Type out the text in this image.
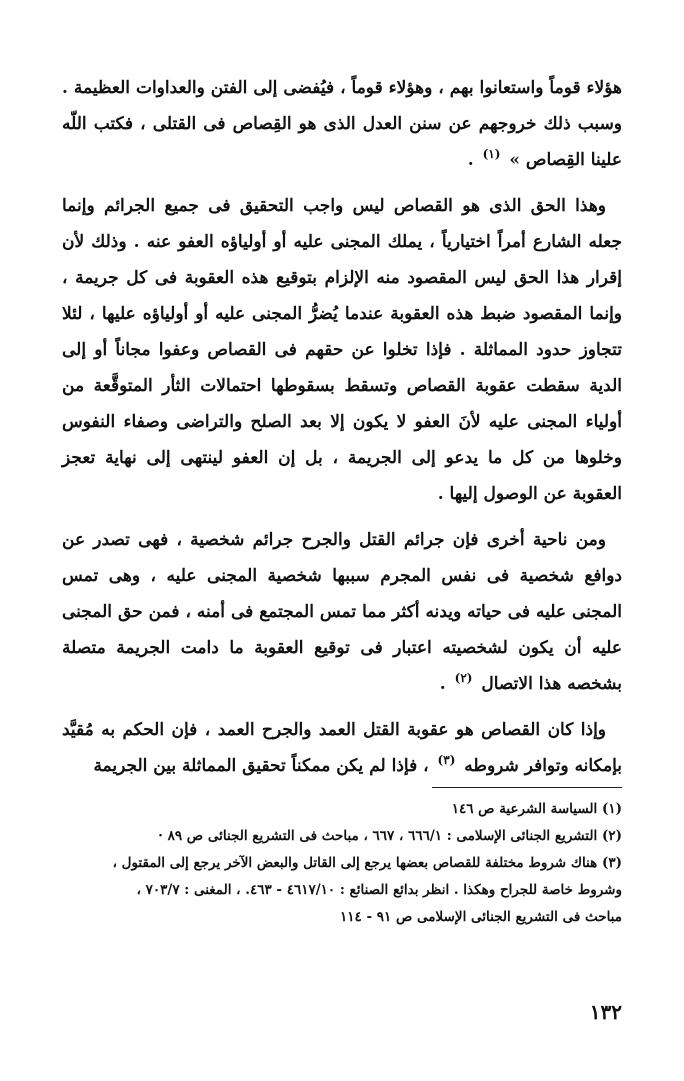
هؤلاء قوماً واستعانوا بهم ، وهؤلاء قوماً ، فيُفضى إلى الفتن والعداوات العظيمة . وسبب ذلك خروجهم عن سنن العدل الذى هو القِصاص فى القتلى ، فكتب اللّه علينا القِصاص » $^{(١)}$ .

وهذا الحق الذى هو القصاص ليس واجب التحقيق فى جميع الجرائم وإنما جعله الشارع أمراً اختيارياً ، يملك المجنى عليه أو أولياؤه العفو عنه . وذلك لأن إقرار هذا الحق ليس المقصود منه الإلزام بتوقيع هذه العقوبة فى كل جريمة ، وإنما المقصود ضبط هذه العقوبة عندما يُضرُّ المجنى عليه أو أولياؤه عليها ، لئلا تتجاوز حدود المماثلة . فإذا تخلوا عن حقهم فى القصاص وعفوا مجاناً أو إلى الدية سقطت عقوبة القصاص وتسقط بسقوطها احتمالات الثأر المتوقَّعة من أولياء المجنى عليه لأنَ العفو لا يكون إلا بعد الصلح والتراضى وصفاء النفوس وخلوها من كل ما يدعو إلى الجريمة ، بل إن العفو لينتهى إلى نهاية تعجز العقوبة عن الوصول إليها .

ومن ناحية أخرى فإن جرائم القتل والجرح جرائم شخصية ، فهى تصدر عن دوافع شخصية فى نفس المجرم سببها شخصية المجنى عليه ، وهى تمس المجنى عليه فى حياته ويدنه أكثر مما تمس المجتمع فى أمنه ، فمن حق المجنى عليه أن يكون لشخصيته اعتبار فى توقيع العقوبة ما دامت الجريمة متصلة بشخصه هذا الاتصال $^{(٢)}$ .

وإذا كان القصاص هو عقوبة القتل العمد والجرح العمد ، فإن الحكم به مُقيَّد بإمكانه وتوافر شروطه $^{(٣)}$ ، فإذا لم يكن ممكناً تحقيق المماثلة بين الجريمة

(١) السياسة الشرعية ص ١٤٦

(٢) التشريع الجنائى الإسلامى : ٦٦٦/١ ، ٦٦٧ ، مباحث فى التشريع الجنائى ص ٨٩ ·

(٣) هناك شروط مختلفة للقصاص بعضها يرجع إلى القاتل والبعض الآخر يرجع إلى المقتول ،

وشروط خاصة للجراح وهكذا . انظر بدائع الصنائع : ٤٦١٧/١٠ - ٤٦٣. ، المغنى : ٧٠٣/٧ ،

مباحث فى التشريع الجنائى الإسلامى ص ٩١ - ١١٤

١٣٢
